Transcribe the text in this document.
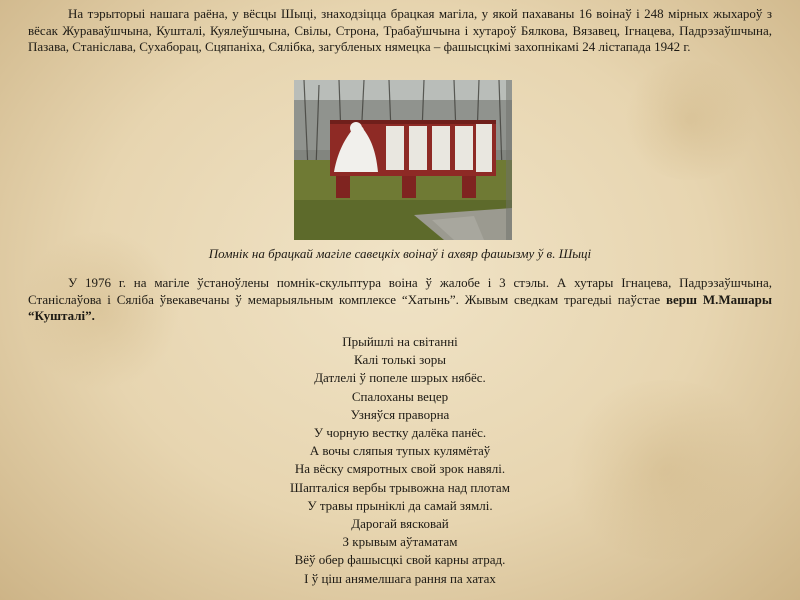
На тэрыторыі нашага раёна, у вёсцы Шыці, знаходзіцца брацкая магіла, у якой пахаваны 16 воінаў і 248 мірных жыхароў з вёсак Жураваўшчына, Кушталі, Куялеўшчына, Свілы, Строна, Трабаўшчына і хутароў Бялкова, Вязавец, Ігнацева, Падрэзаўшчына, Пазава, Станіслава, Сухаборац, Сцяпаніха, Сялібка, загубленых нямецка – фашысцкімі захопнікамі 24 лістапада 1942 г.

Помнік на брацкай магіле савецкіх воінаў і ахвяр фашызму ў в. Шыці

У 1976 г. на магіле ўстаноўлены помнік-скульптура воіна ў жалобе і 3 стэлы. А хутары Ігнацева, Падрэзаўшчына, Станіслаўова і Сяліба ўвекавечаны ў мемарыяльным комплексе “Хатынь”. Жывым сведкам трагедыі паўстае верш М.Машары “Кушталі”.

Прыйшлі на світанні
Калі толькі зоры
Датлелі ў попеле шэрых нябёс.
Спалоханы вецер
Узняўся праворна
У чорную вестку далёка панёс.
А вочы сляпыя тупых кулямётаў
На вёску смяротных свой зрок навялі.
Шапталіся вербы трывожна над плотам
У травы прыніклі да самай зямлі.
Дарогай вясковай
З крывым аўтаматам
Вёў обер фашысцкі свой карны атрад.
І ў ціш анямелшага рання па хатах
